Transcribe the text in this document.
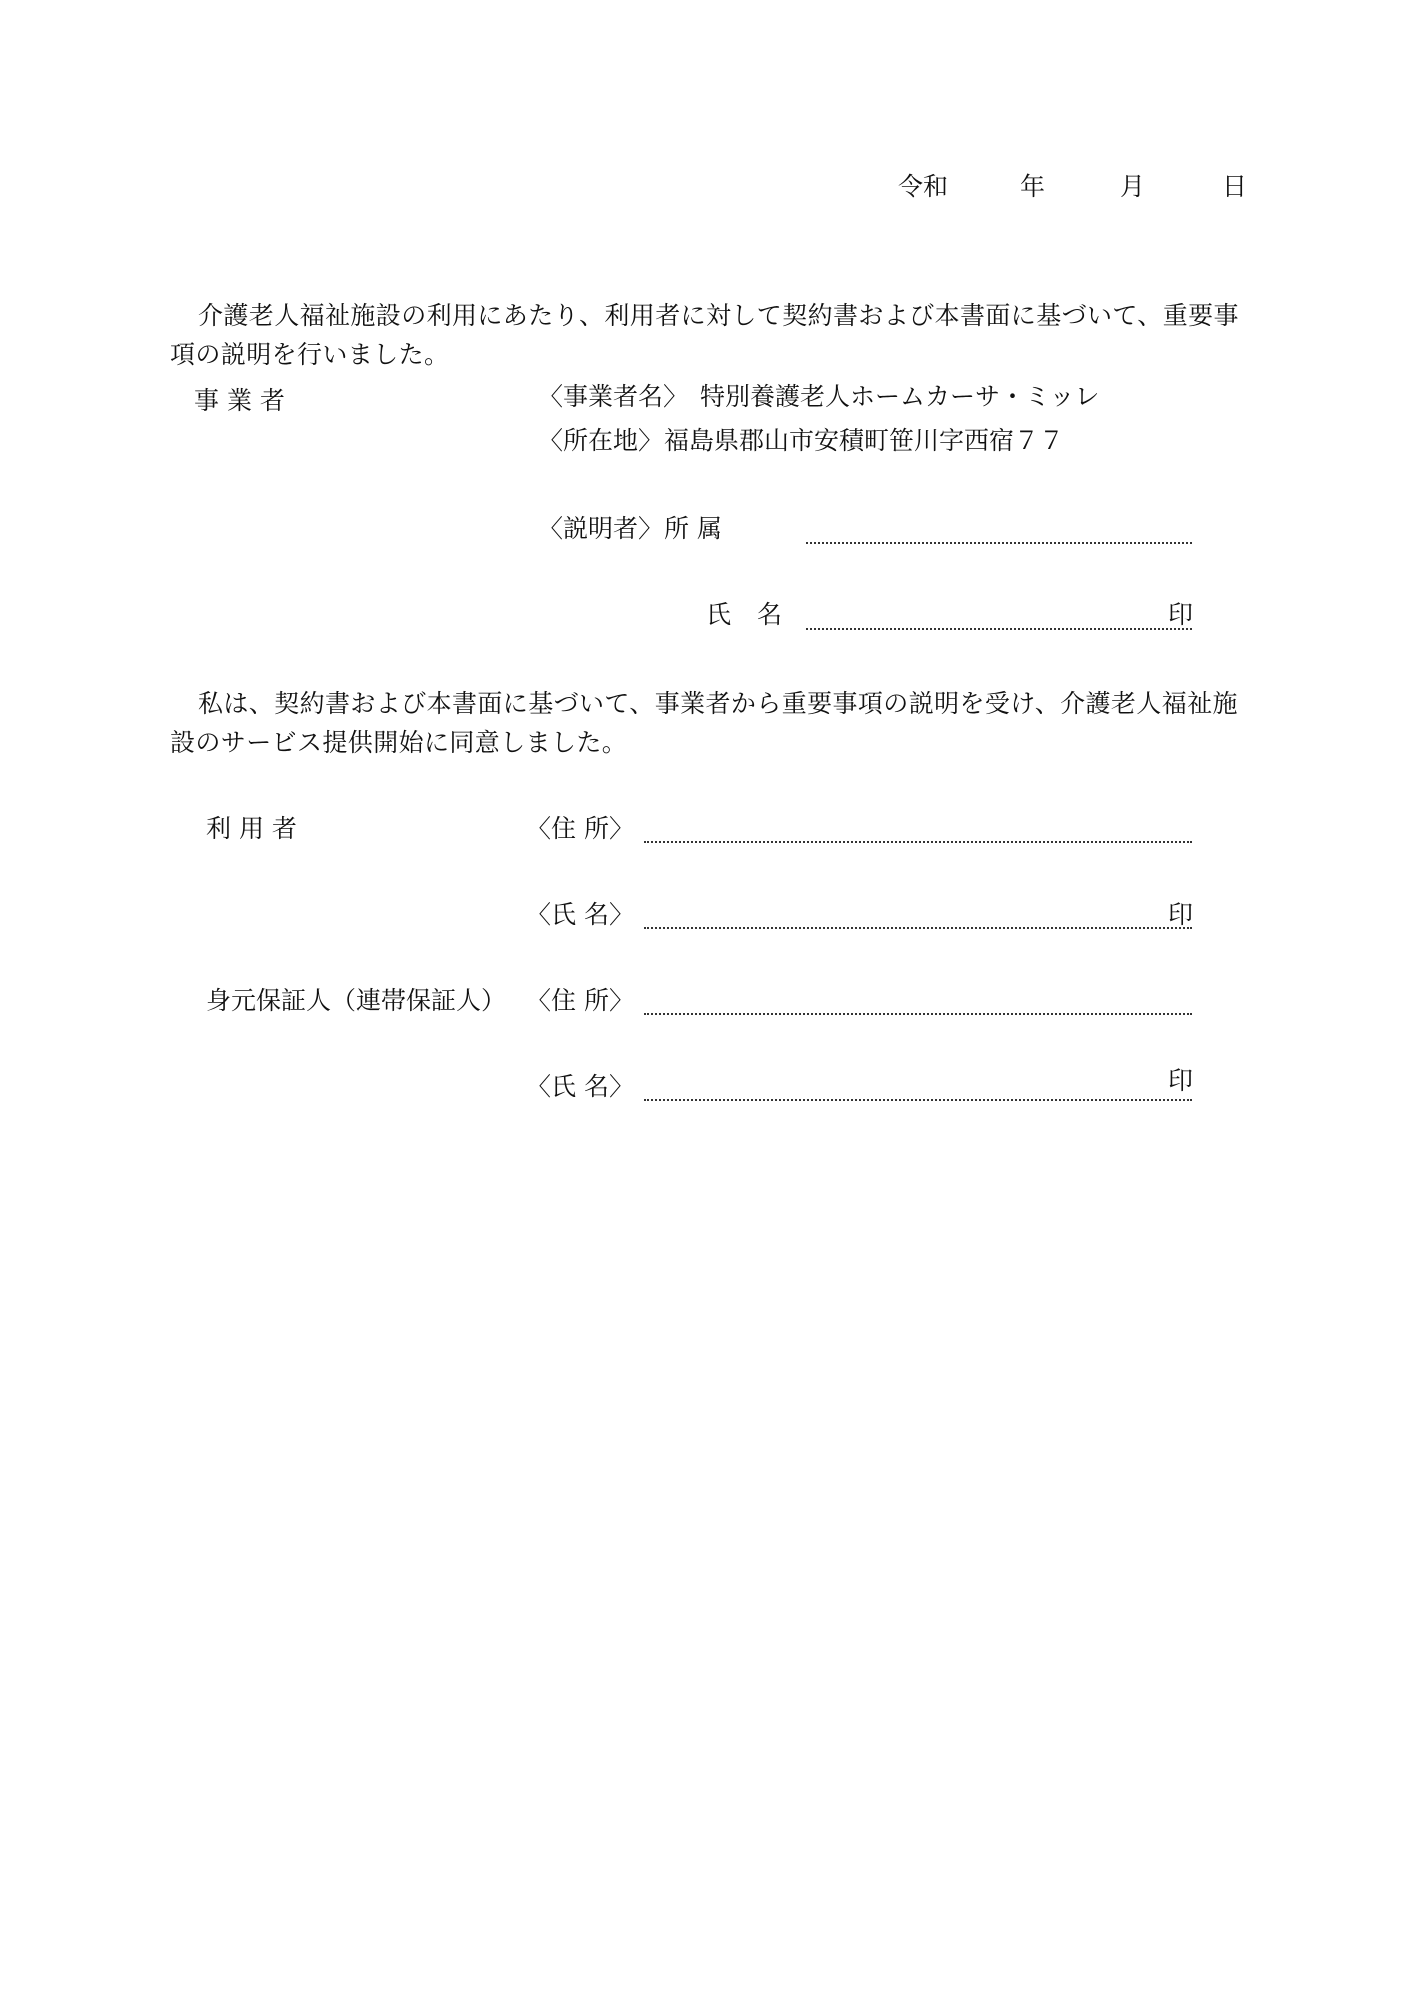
令和	年	月	日

介護老人福祉施設の利用にあたり、利用者に対して契約書および本書面に基づいて、重要事項の説明を行いました。

事 業 者	〈事業者名〉 特別養護老人ホームカーサ・ミッレ
〈所在地〉 福島県郡山市安積町笹川字西宿７７
〈説明者〉 所 属
氏 名	印

私は、契約書および本書面に基づいて、事業者から重要事項の説明を受け、介護老人福祉施設のサービス提供開始に同意しました。

利 用 者	〈住 所〉
〈氏 名〉	印
身元保証人（連帯保証人） 〈住 所〉
〈氏 名〉	印
